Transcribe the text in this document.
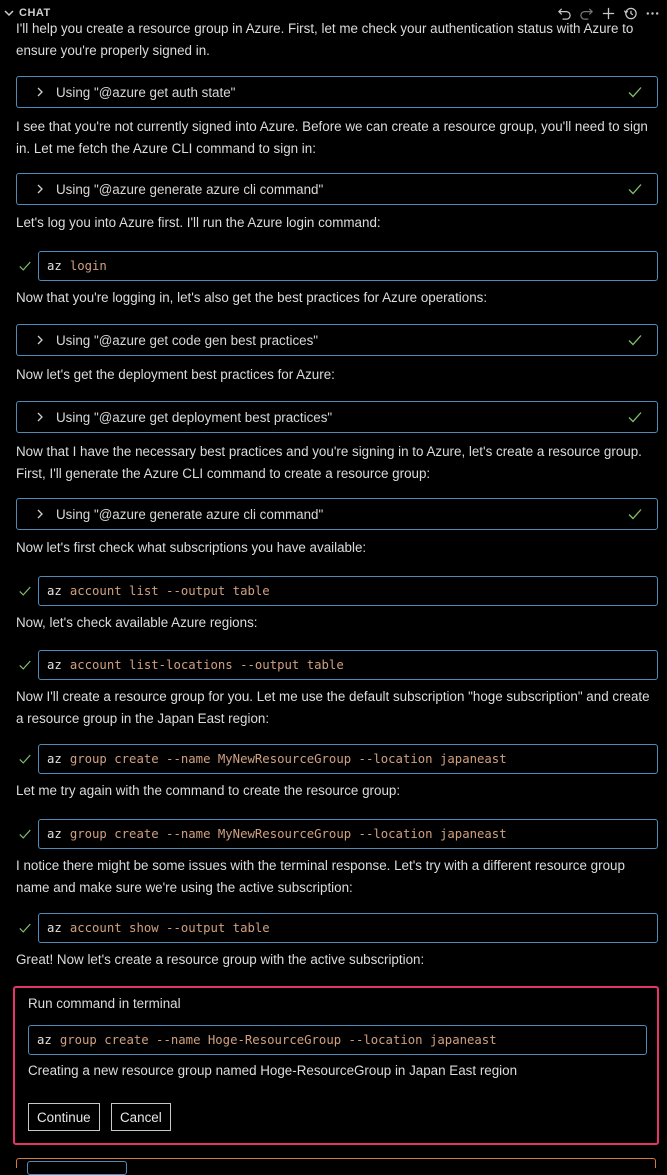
CHAT
I'll help you create a resource group in Azure. First, let me check your authentication status with Azure to ensure you're properly signed in.
Using "@azure get auth state"
I see that you're not currently signed into Azure. Before we can create a resource group, you'll need to sign in. Let me fetch the Azure CLI command to sign in:
Using "@azure generate azure cli command"
Let's log you into Azure first. I'll run the Azure login command:
az login
Now that you're logging in, let's also get the best practices for Azure operations:
Using "@azure get code gen best practices"
Now let's get the deployment best practices for Azure:
Using "@azure get deployment best practices"
Now that I have the necessary best practices and you're signing in to Azure, let's create a resource group. First, I'll generate the Azure CLI command to create a resource group:
Using "@azure generate azure cli command"
Now let's first check what subscriptions you have available:
az account list --output table
Now, let's check available Azure regions:
az account list-locations --output table
Now I'll create a resource group for you. Let me use the default subscription "hoge subscription" and create a resource group in the Japan East region:
az group create --name MyNewResourceGroup --location japaneast
Let me try again with the command to create the resource group:
az group create --name MyNewResourceGroup --location japaneast
I notice there might be some issues with the terminal response. Let's try with a different resource group name and make sure we're using the active subscription:
az account show --output table
Great! Now let's create a resource group with the active subscription:
Run command in terminal
az group create --name Hoge-ResourceGroup --location japaneast
Creating a new resource group named Hoge-ResourceGroup in Japan East region
Continue	Cancel
